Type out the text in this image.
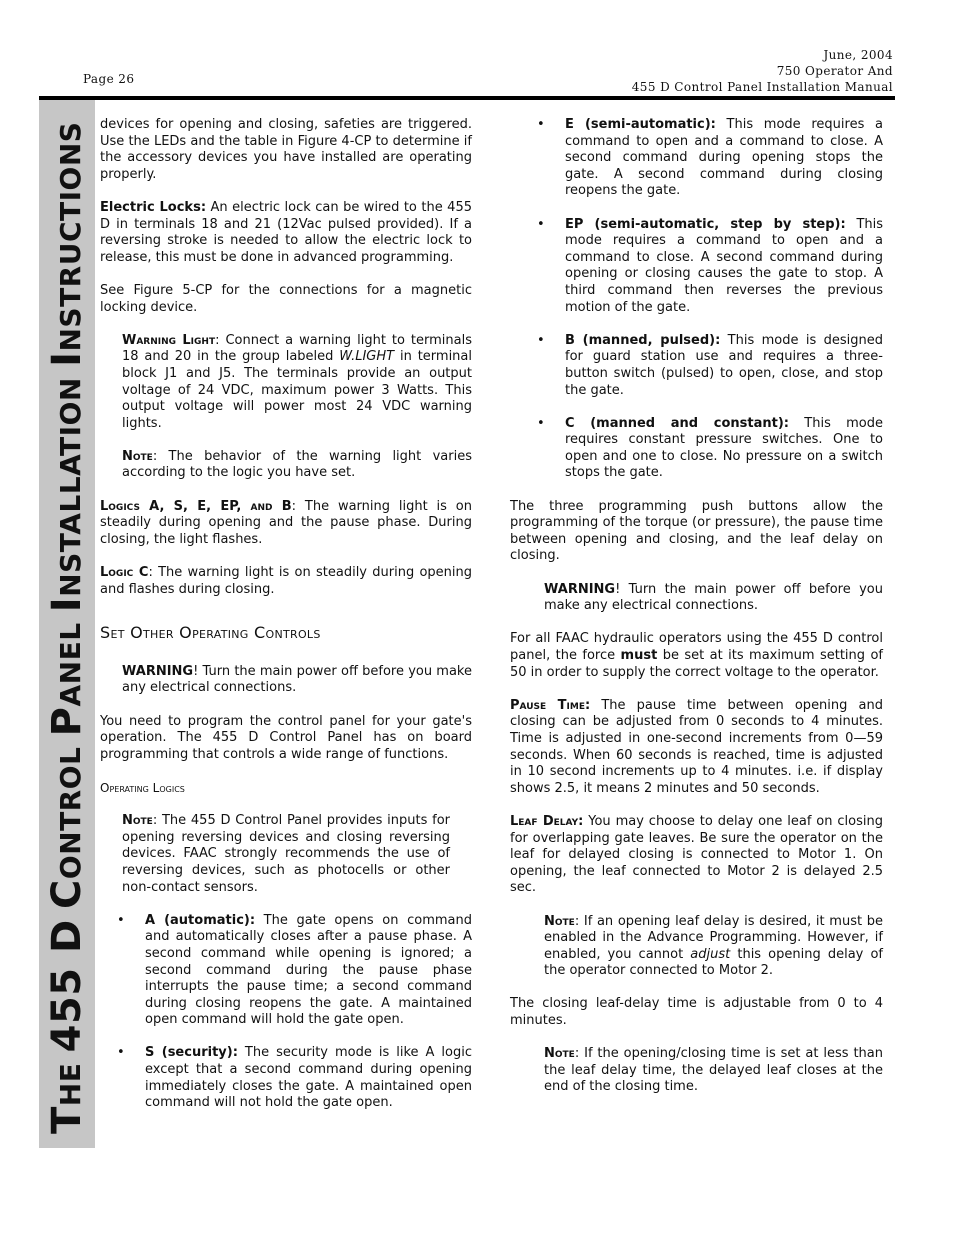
Page 26
June, 2004
750 Operator And
455 D Control Panel Installation Manual
THE 455 D CONTROL PANEL INSTALLATION INSTRUCTIONS	devices for opening and closing, safeties are triggered. Use the LEDs and the table in Figure 4-CP to determine if the accessory devices you have installed are operating properly.

Electric Locks: An electric lock can be wired to the 455 D in terminals 18 and 21 (12Vac pulsed provided). If a reversing stroke is needed to allow the electric lock to release, this must be done in advanced programming.

See Figure 5-CP for the connections for a magnetic locking device.

Warning Light: Connect a warning light to terminals 18 and 20 in the group labeled W.LIGHT in terminal block J1 and J5. The terminals provide an output voltage of 24 VDC, maximum power 3 Watts. This output voltage will power most 24 VDC warning lights.

Note: The behavior of the warning light varies according to the logic you have set.

Logics A, S, E, EP, and B: The warning light is on steadily during opening and the pause phase. During closing, the light flashes.

Logic C: The warning light is on steadily during opening and flashes during closing.

Set Other Operating Controls

WARNING! Turn the main power off before you make any electrical connections.

You need to program the control panel for your gate's operation. The 455 D Control Panel has on board programming that controls a wide range of functions.

Operating Logics

Note: The 455 D Control Panel provides inputs for opening reversing devices and closing reversing devices. FAAC strongly recommends the use of reversing devices, such as photocells or other non-contact sensors.

• A (automatic): The gate opens on command and automatically closes after a pause phase. A second command while opening is ignored; a second command during the pause phase interrupts the pause time; a second command during closing reopens the gate. A maintained open command will hold the gate open.
• S (security): The security mode is like A logic except that a second command during opening immediately closes the gate. A maintained open command will not hold the gate open.
• E (semi-automatic): This mode requires a command to open and a command to close. A second command during opening stops the gate. A second command during closing reopens the gate.
• EP (semi-automatic, step by step): This mode requires a command to open and a command to close. A second command during opening or closing causes the gate to stop. A third command then reverses the previous motion of the gate.
• B (manned, pulsed): This mode is designed for guard station use and requires a three-button switch (pulsed) to open, close, and stop the gate.
• C (manned and constant): This mode requires constant pressure switches. One to open and one to close. No pressure on a switch stops the gate.

The three programming push buttons allow the programming of the torque (or pressure), the pause time between opening and closing, and the leaf delay on closing.

WARNING! Turn the main power off before you make any electrical connections.

For all FAAC hydraulic operators using the 455 D control panel, the force must be set at its maximum setting of 50 in order to supply the correct voltage to the operator.

Pause Time: The pause time between opening and closing can be adjusted from 0 seconds to 4 minutes. Time is adjusted in one-second increments from 0—59 seconds. When 60 seconds is reached, time is adjusted in 10 second increments up to 4 minutes. i.e. if display shows 2.5, it means 2 minutes and 50 seconds.

Leaf Delay: You may choose to delay one leaf on closing for overlapping gate leaves. Be sure the operator on the leaf for delayed closing is connected to Motor 1. On opening, the leaf connected to Motor 2 is delayed 2.5 sec.

Note: If an opening leaf delay is desired, it must be enabled in the Advance Programming. However, if enabled, you cannot adjust this opening delay of the operator connected to Motor 2.

The closing leaf-delay time is adjustable from 0 to 4 minutes.

Note: If the opening/closing time is set at less than the leaf delay time, the delayed leaf closes at the end of the closing time.
